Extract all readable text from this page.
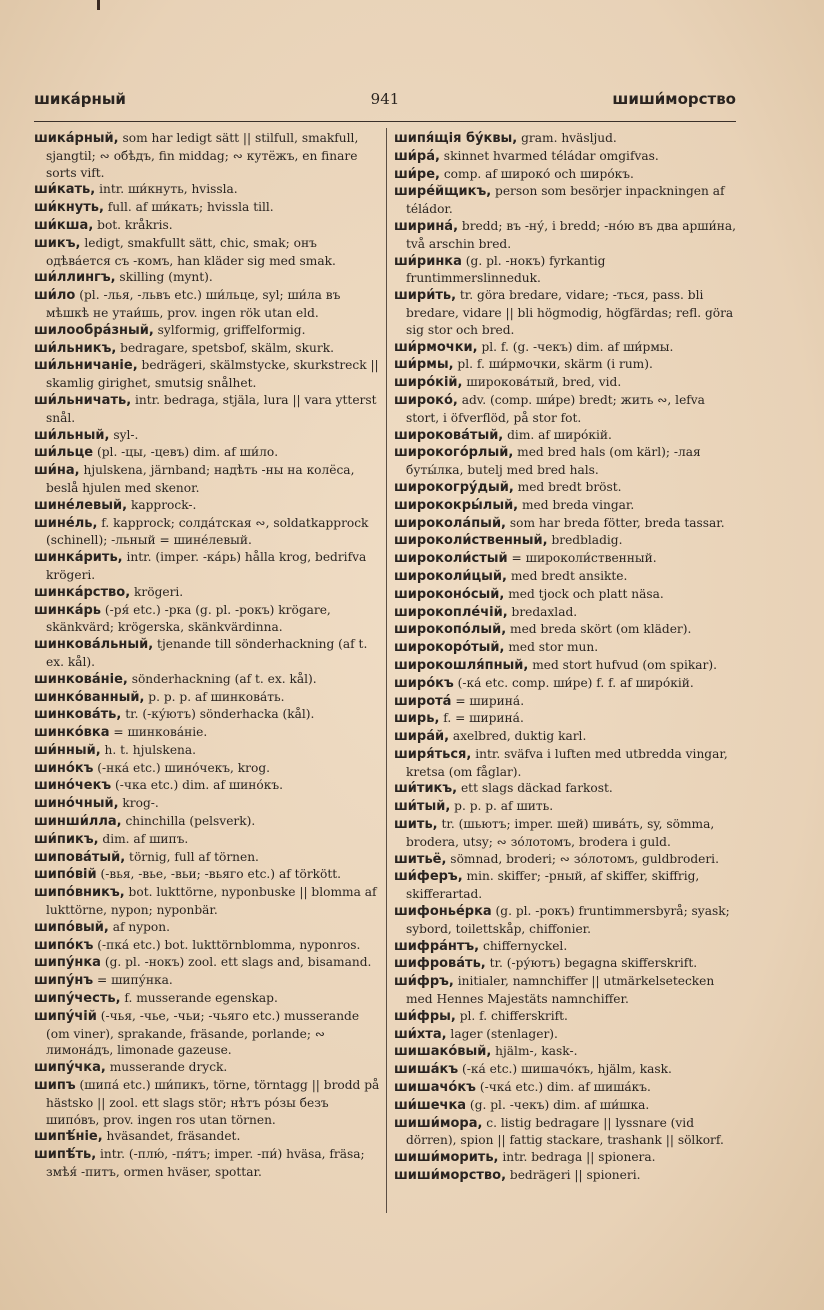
шика́рный	941	шиши́морство

шика́рный, som har ledigt sätt || stilfull, smakfull, sjangtil; ∾ обѣдъ, fin middag; ∾ кутёжъ, en finare sorts vift.

ши́кать, intr. ши́кнуть, hvissla.

ши́кнуть, full. af ши́кать; hvissla till.

ши́кша, bot. kråkris.

шикъ, ledigt, smakfullt sätt, chic, smak; онъ одѣва́ется съ -комъ, han kläder sig med smak.

ши́ллингъ, skilling (mynt).

ши́ло (pl. -лья, -львъ etc.) ши́льце, syl; ши́ла въ мѣшкѣ не утаи́шь, prov. ingen rök utan eld.

шилообра́зный, sylformig, griffelformig.

ши́льникъ, bedragare, spetsbof, skälm, skurk.

ши́льничанiе, bedrägeri, skälmstycke, skurkstreck || skamlig girighet, smutsig snålhet.

ши́льничать, intr. bedraga, stjäla, lura || vara ytterst snål.

ши́льный, syl-.

ши́льце (pl. -цы, -цевъ) dim. af ши́ло.

ши́на, hjulskena, järnband; надѣть -ны на колёса, beslå hjulen med skenor.

шине́левый, kapprock-.

шине́ль, f. kapprock; солда́тская ∾, soldatkapprock (schinell); -льный = шине́левый.

шинка́рить, intr. (imper. -ка́рь) hålla krog, bedrifva krögeri.

шинка́рство, krögeri.

шинка́рь (-ря́ etc.) -рка (g. pl. -рокъ) krögare, skänkvärd; krögerska, skänkvärdinna.

шинкова́льный, tjenande till sönderhackning (af t. ex. kål).

шинкова́нiе, sönderhackning (af t. ex. kål).

шинко́ванный, p. p. p. af шинкова́ть.

шинкова́ть, tr. (-ку́ютъ) sönderhacka (kål).

шинко́вка = шинкова́нiе.

ши́нный, h. t. hjulskena.

шино́къ (-нка́ etc.) шино́чекъ, krog.

шино́чекъ (-чка etc.) dim. af шино́къ.

шино́чный, krog-.

шинши́лла, chinchilla (pelsverk).

ши́пикъ, dim. af шипъ.

шипова́тый, törnig, full af törnen.

шипо́вiй (-вья, -вье, -вьи; -вьяго etc.) af törkött.

шипо́вникъ, bot. lukttörne, nyponbuske || blomma af lukttörne, nypon; nyponbär.

шипо́вый, af nypon.

шипо́къ (-пка́ etc.) bot. lukttörnblomma, nyponros.

шипу́нка (g. pl. -нокъ) zool. ett slags and, bisamand.

шипу́нъ = шипу́нка.

шипу́честь, f. musserande egenskap.

шипу́чiй (-чья, -чье, -чьи; -чьяго etc.) musserande (om viner), sprakande, fräsande, porlande; ∾ лимона́дъ, limonade gazeuse.

шипу́чка, musserande dryck.

шипъ (шипа́ etc.) ши́пикъ, törne, törntagg || brodd på hästsko || zool. ett slags stör; нѣтъ ро́зы безъ шипо́въ, prov. ingen ros utan törnen.

шипѣ́нiе, hväsandet, fräsandet.

шипѣ́ть, intr. (-плю́, -пя́тъ; imper. -пи́) hväsa, fräsa; змѣя́ -питъ, ormen hväser, spottar.

шипя́щiя бу́квы, gram. hväsljud.

ши́ра́, skinnet hvarmed téládar omgifvas.

ши́ре, comp. af широко́ och широ́къ.

шире́йщикъ, person som besörjer inpackningen af téládor.

ширина́, bredd; въ -ну́, i bredd; -но́ю въ два арши́на, två arschin bred.

ши́ринка (g. pl. -нокъ) fyrkantig fruntimmerslinneduk.

шири́ть, tr. göra bredare, vidare; -ться, pass. bli bredare, vidare || bli högmodig, högfärdas; refl. göra sig stor och bred.

ши́рмочки, pl. f. (g. -чекъ) dim. af ши́рмы.

ши́рмы, pl. f. ши́рмочки, skärm (i rum).

широ́кiй, широкова́тый, bred, vid.

широко́, adv. (comp. ши́ре) bredt; жить ∾, lefva stort, i öfverflöd, på stor fot.

широкова́тый, dim. af широ́кiй.

широкого́рлый, med bred hals (om kärl); -лая буты́лка, butelj med bred hals.

широкогру́дый, med bredt bröst.

ширококры́лый, med breda vingar.

широкола́пый, som har breda fötter, breda tassar.

широколи́ственный, bredbladig.

широколи́стый = широколи́ственный.

широколи́цый, med bredt ansikte.

широконо́сый, med tjock och platt näsa.

широкопле́чiй, bredaxlad.

широкопо́лый, med breda skört (om kläder).

широкоро́тый, med stor mun.

широкошля́пный, med stort hufvud (om spikar).

широ́къ (-ка́ etc. comp. ши́ре) f. f. af широ́кiй.

широта́ = ширина́.

ширь, f. = ширина́.

шира́й, axelbred, duktig karl.

ширя́ться, intr. sväfva i luften med utbredda vingar, kretsa (om fåglar).

ши́тикъ, ett slags däckad farkost.

ши́тый, p. p. p. af шить.

шить, tr. (шьютъ; imper. шей) шива́ть, sy, sömma, brodera, utsy; ∾ зо́лотомъ, brodera i guld.

шитьё, sömnad, broderi; ∾ зо́лотомъ, guldbroderi.

ши́феръ, min. skiffer; -рный, af skiffer, skiffrig, skifferartad.

шифонье́рка (g. pl. -рокъ) fruntimmersbyrå; syask; sybord, toilettskåp, chiffonier.

шифра́нтъ, chiffernyckel.

шифрова́ть, tr. (-ру́ютъ) begagna skifferskrift.

ши́фръ, initialer, namnchiffer || utmärkelsetecken med Hennes Majestäts namnchiffer.

ши́фры, pl. f. chifferskrift.

ши́хта, lager (stenlager).

шишако́вый, hjälm-, kask-.

шиша́къ (-ка́ etc.) шишачо́къ, hjälm, kask.

шишачо́къ (-чка́ etc.) dim. af шиша́къ.

ши́шечка (g. pl. -чекъ) dim. af ши́шка.

шиши́мора, c. listig bedragare || lyssnare (vid dörren), spion || fattig stackare, trashank || sölkorf.

шиши́морить, intr. bedraga || spionera.

шиши́морство, bedrägeri || spioneri.
